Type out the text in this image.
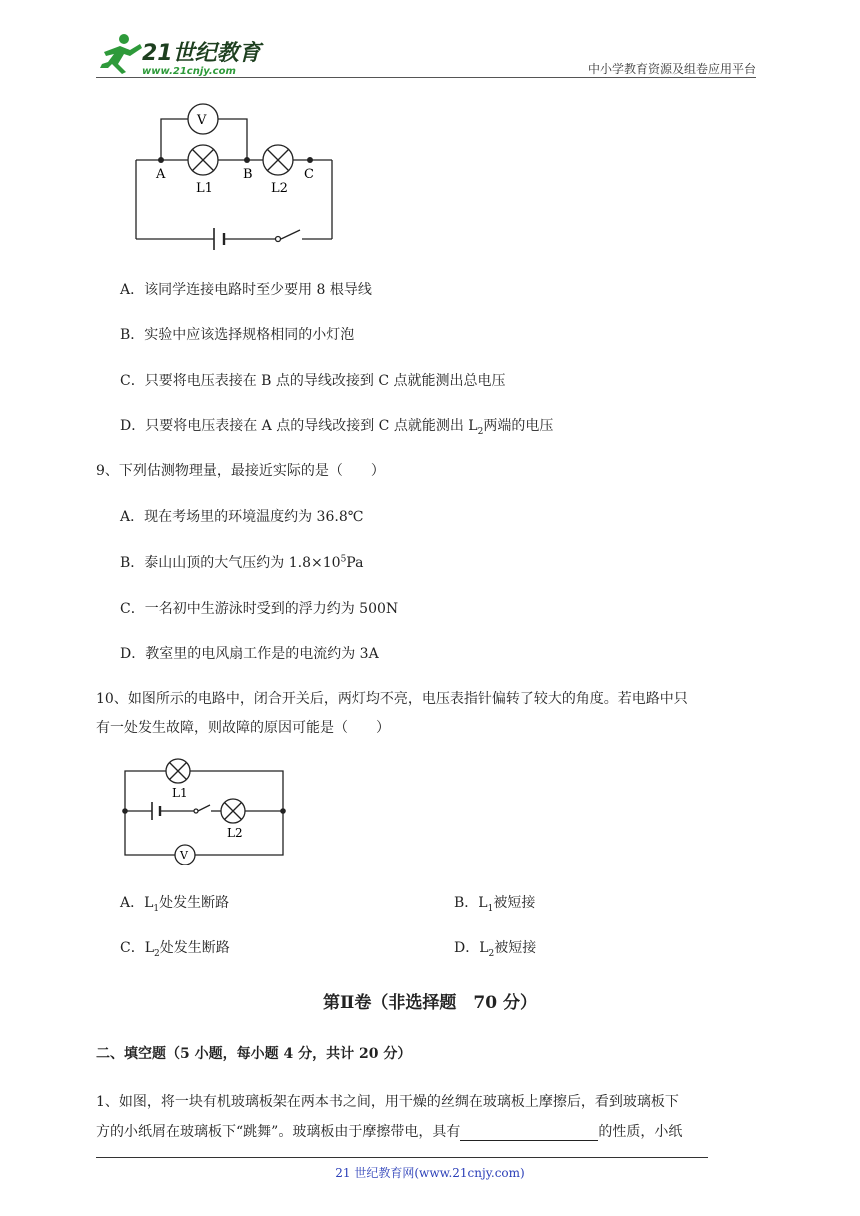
21世纪教育
www.21cnjy.com	中小学教育资源及组卷应用平台
V
A	B	C
L1	L2
A．该同学连接电路时至少要用 8 根导线
B．实验中应该选择规格相同的小灯泡
C．只要将电压表接在 B 点的导线改接到 C 点就能测出总电压
D．只要将电压表接在 A 点的导线改接到 C 点就能测出 $L_2$两端的电压
9、下列估测物理量，最接近实际的是（　　）
A．现在考场里的环境温度约为 36.8℃
B．泰山山顶的大气压约为 $1.8\times 10^5Pa$
C．一名初中生游泳时受到的浮力约为 500N
D．教室里的电风扇工作是的电流约为 3A
10、如图所示的电路中，闭合开关后，两灯均不亮，电压表指针偏转了较大的角度。若电路中只
有一处发生故障，则故障的原因可能是（　　）
L1
L2
V
A．$L_1$处发生断路	B．$L_1$被短接
C．$L_2$处发生断路	D．$L_2$被短接
第Ⅱ卷（非选择题　70 分）
二、填空题（5 小题，每小题 4 分，共计 20 分）
1、如图，将一块有机玻璃板架在两本书之间，用干燥的丝绸在玻璃板上摩擦后，看到玻璃板下
方的小纸屑在玻璃板下“跳舞”。玻璃板由于摩擦带电，具有	的性质，小纸
21 世纪教育网(www.21cnjy.com)
